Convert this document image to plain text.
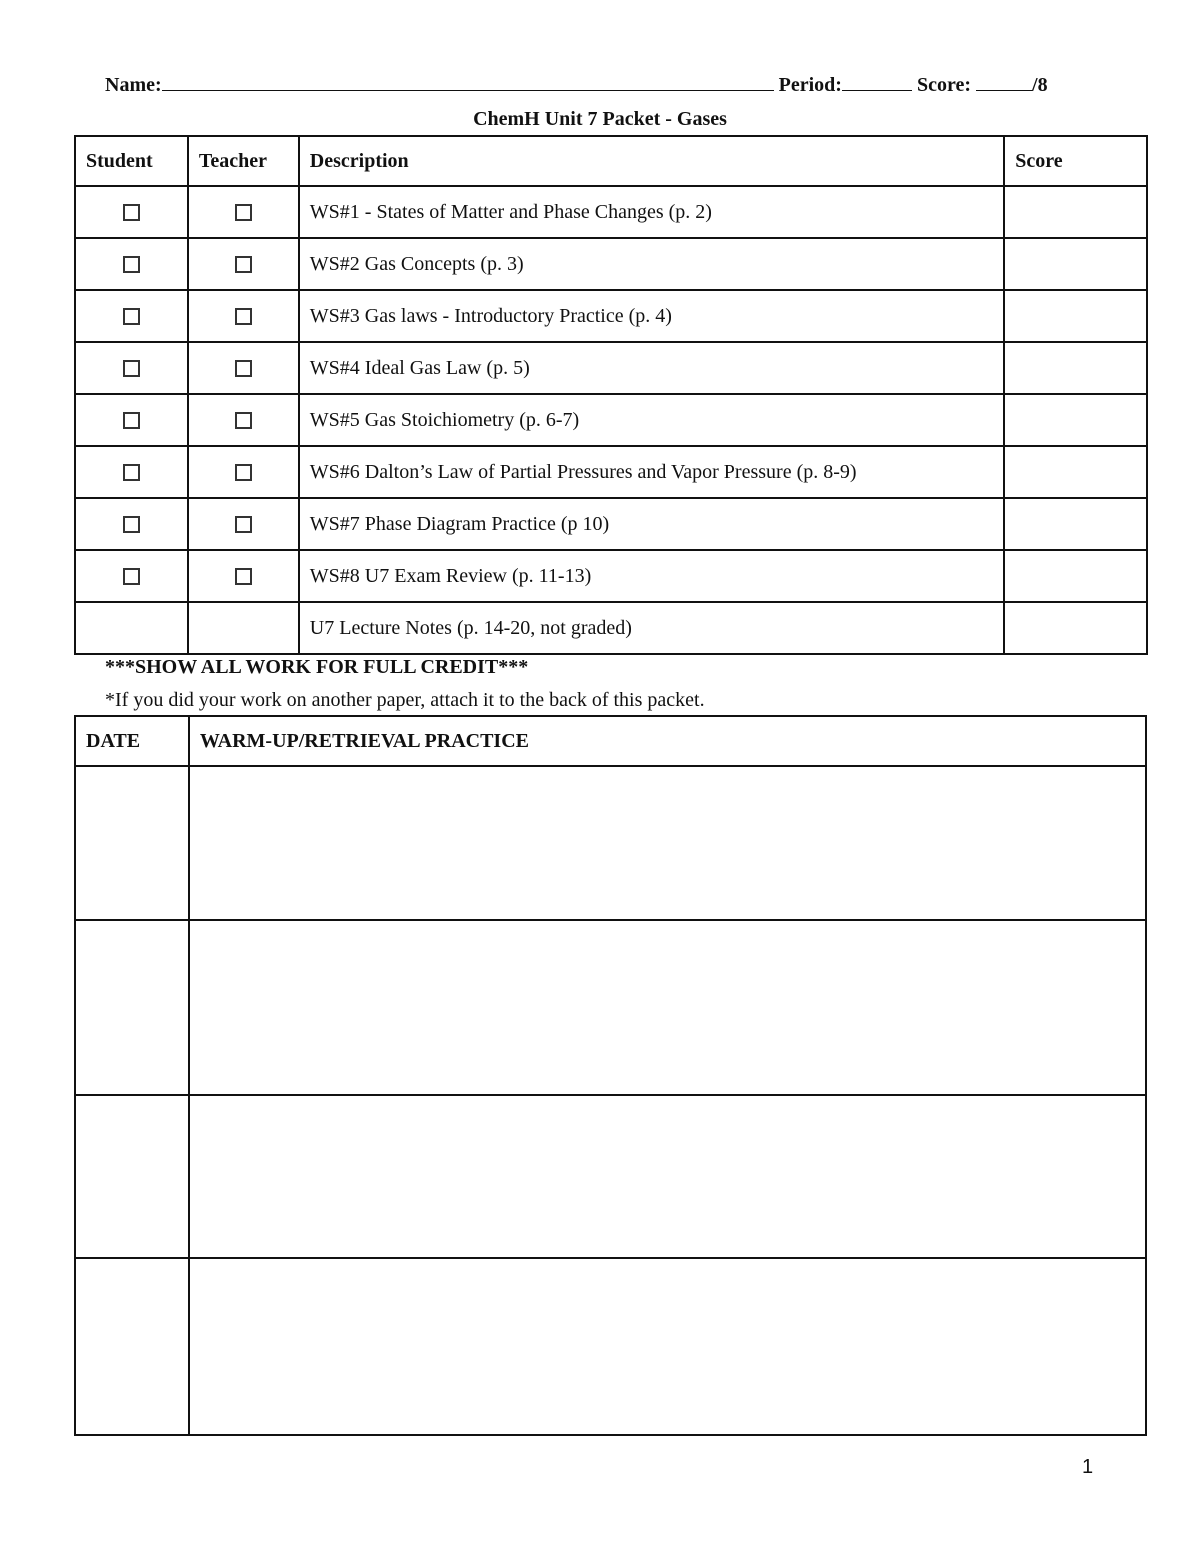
Name:	Period:	Score:	/8
ChemH Unit 7 Packet - Gases
Student	Teacher	Description	Score
		WS#1 - States of Matter and Phase Changes (p. 2)	
		WS#2 Gas Concepts (p. 3)	
		WS#3 Gas laws - Introductory Practice (p. 4)	
		WS#4 Ideal Gas Law (p. 5)	
		WS#5 Gas Stoichiometry (p. 6-7)	
		WS#6 Dalton’s Law of Partial Pressures and Vapor Pressure (p. 8-9)	
		WS#7 Phase Diagram Practice (p 10)	
		WS#8 U7 Exam Review (p. 11-13)	
		U7 Lecture Notes (p. 14-20, not graded)	
***SHOW ALL WORK FOR FULL CREDIT***
*If you did your work on another paper, attach it to the back of this packet.
DATE	WARM-UP/RETRIEVAL PRACTICE

1
